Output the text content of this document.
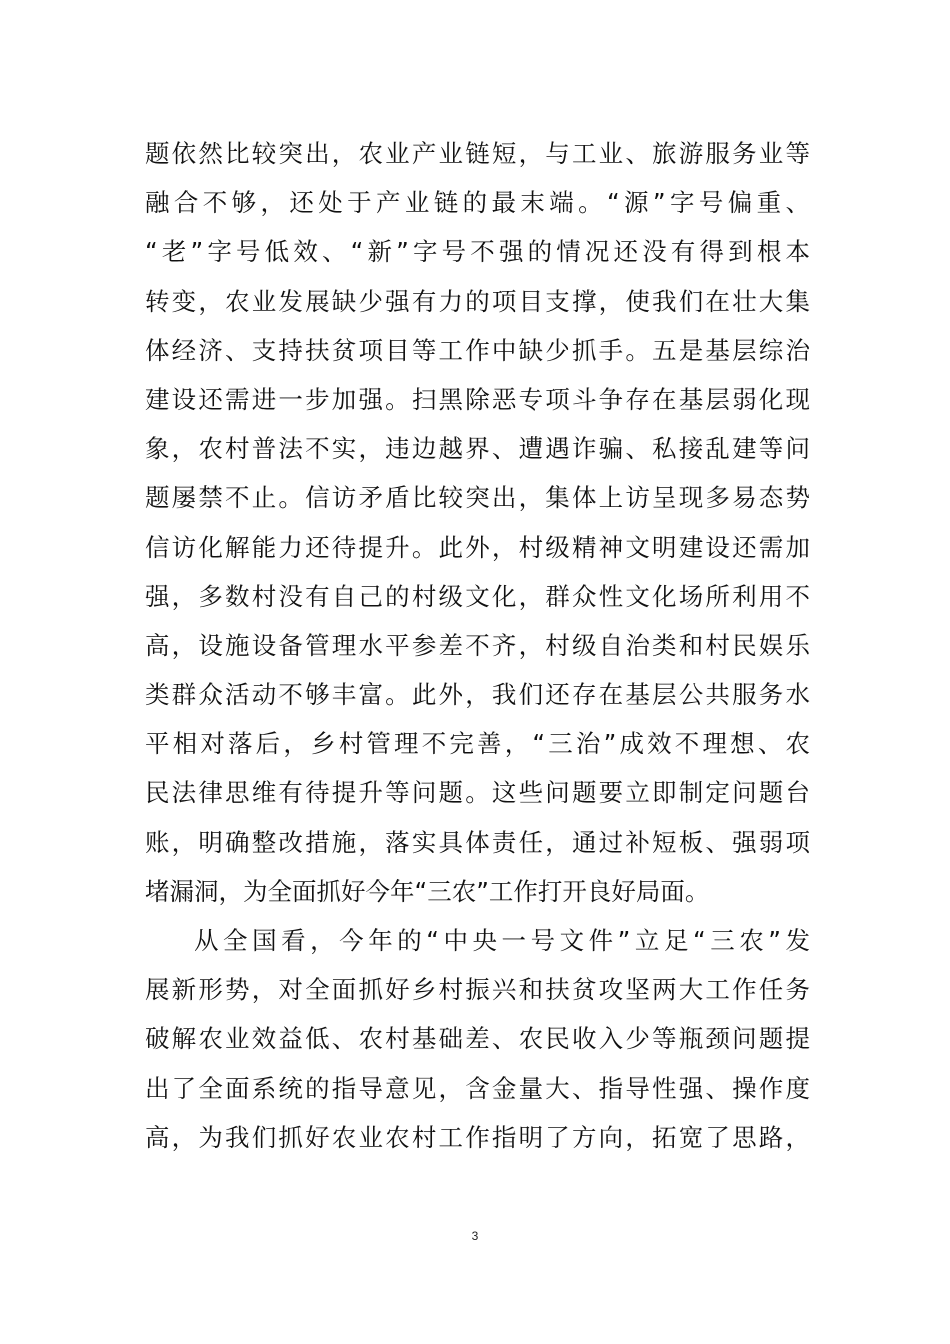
题依然比较突出，农业产业链短，与工业、旅游服务业等
融合不够，还处于产业链的最末端。“源”字号偏重、
“老”字号低效、“新”字号不强的情况还没有得到根本
转变，农业发展缺少强有力的项目支撑，使我们在壮大集
体经济、支持扶贫项目等工作中缺少抓手。五是基层综治
建设还需进一步加强。扫黑除恶专项斗争存在基层弱化现
象，农村普法不实，违边越界、遭遇诈骗、私接乱建等问
题屡禁不止。信访矛盾比较突出，集体上访呈现多易态势
信访化解能力还待提升。此外，村级精神文明建设还需加
强，多数村没有自己的村级文化，群众性文化场所利用不
高，设施设备管理水平参差不齐，村级自治类和村民娱乐
类群众活动不够丰富。此外，我们还存在基层公共服务水
平相对落后，乡村管理不完善，“三治”成效不理想、农
民法律思维有待提升等问题。这些问题要立即制定问题台
账，明确整改措施，落实具体责任，通过补短板、强弱项
堵漏洞，为全面抓好今年“三农”工作打开良好局面。
从全国看，今年的“中央一号文件”立足“三农”发
展新形势，对全面抓好乡村振兴和扶贫攻坚两大工作任务
破解农业效益低、农村基础差、农民收入少等瓶颈问题提
出了全面系统的指导意见，含金量大、指导性强、操作度
高，为我们抓好农业农村工作指明了方向，拓宽了思路，
3
